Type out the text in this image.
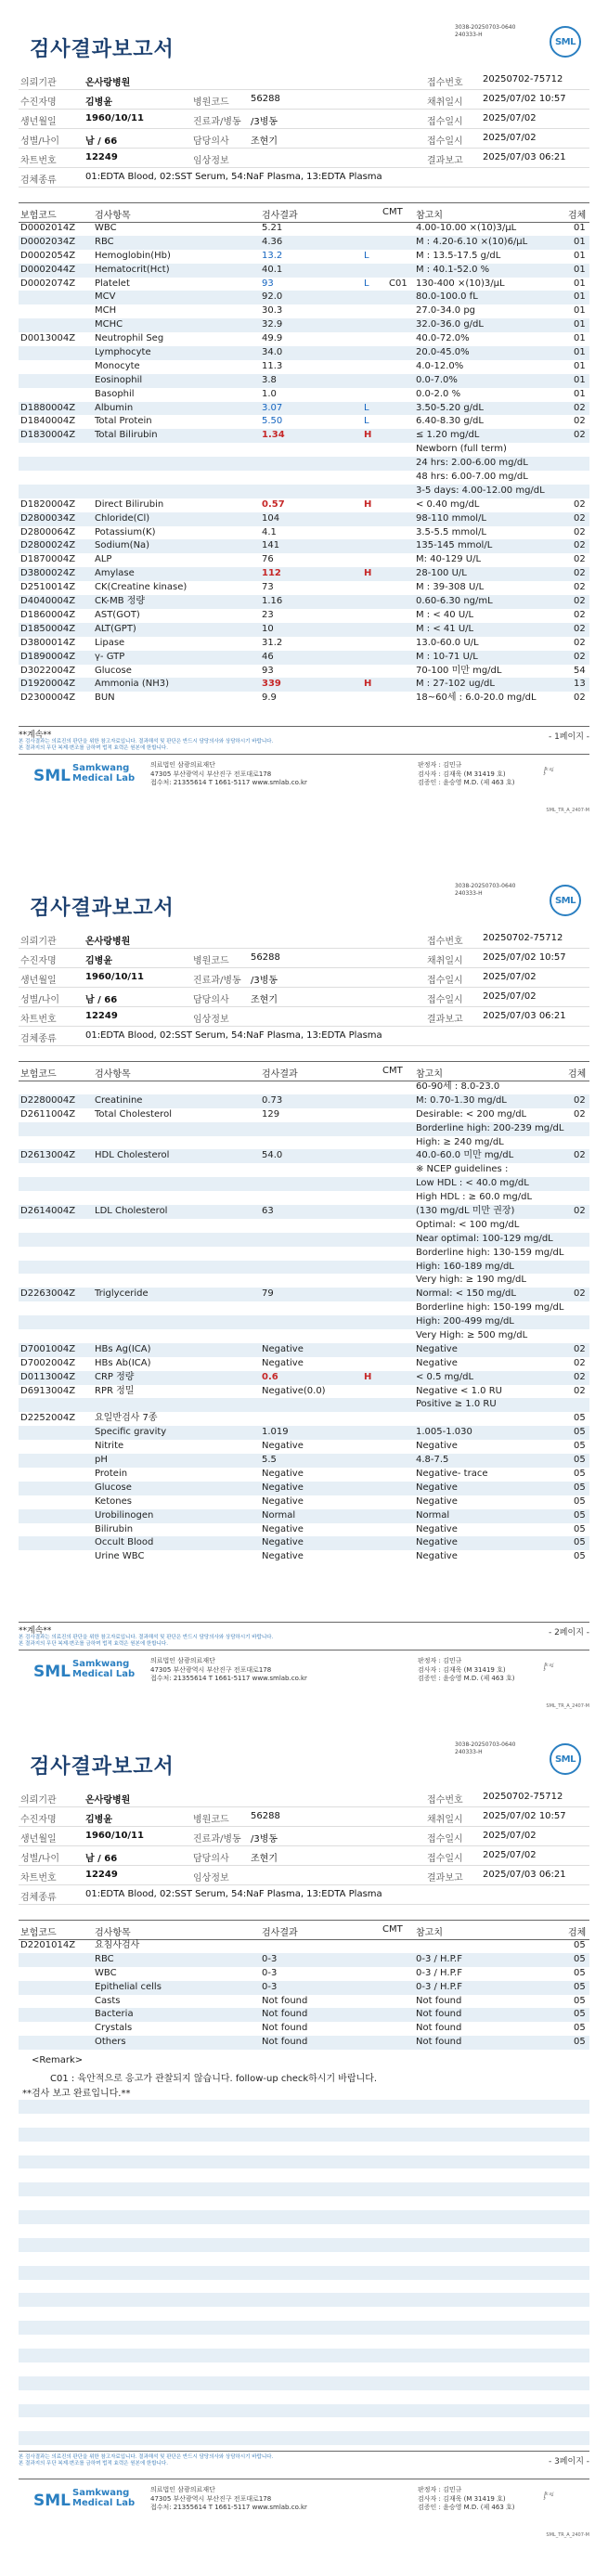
3038-20250703-0640
240333-H
SML
검사결과보고서
의뢰기관	온사랑병원	접수번호 20250702-75712
수진자명	김병윤	병원코드 56288	채취일시 2025/07/02 10:57
생년월일	1960/10/11	진료과/병동 /3병동	접수일시 2025/07/02
성별/나이	남 / 66	담당의사 조현기	접수일시 2025/07/02
차트번호	12249	임상정보	결과보고 2025/07/03 06:21
검체종류	01:EDTA Blood, 02:SST Serum, 54:NaF Plasma, 13:EDTA Plasma
보험코드	검사항목	검사결과	CMT 참고치	검체
D0002014Z WBC	5.21	4.00-10.00 ×(10)3/μL	01
D0002034Z RBC	4.36	M : 4.20-6.10 ×(10)6/μL	01
D0002054Z Hemoglobin(Hb)	13.2	L	M : 13.5-17.5 g/dL	01
D0002044Z Hematocrit(Hct)	40.1	M : 40.1-52.0 %	01
D0002074Z Platelet	93	L C01 130-400 ×(10)3/μL	01
MCV	92.0	80.0-100.0 fL	01
MCH	30.3	27.0-34.0 pg	01
MCHC	32.9	32.0-36.0 g/dL	01
D0013004Z Neutrophil Seg	49.9	40.0-72.0%	01
Lymphocyte	34.0	20.0-45.0%	01
Monocyte	11.3	4.0-12.0%	01
Eosinophil	3.8	0.0-7.0%	01
Basophil	1.0	0.0-2.0 %	01
D1880004Z Albumin	3.07	L	3.50-5.20 g/dL	02
D1840004Z Total Protein	5.50	L	6.40-8.30 g/dL	02
D1830004Z Total Bilirubin	1.34	H	≤ 1.20 mg/dL	02
Newborn (full term)
24 hrs: 2.00-6.00 mg/dL
48 hrs: 6.00-7.00 mg/dL
3-5 days: 4.00-12.00 mg/dL
D1820004Z Direct Bilirubin	0.57	H	< 0.40 mg/dL	02
D2800034Z Chloride(Cl)	104	98-110 mmol/L	02
D2800064Z Potassium(K)	4.1	3.5-5.5 mmol/L	02
D2800024Z Sodium(Na)	141	135-145 mmol/L	02
D1870004Z ALP	76	M: 40-129 U/L	02
D3800024Z Amylase	112	H	28-100 U/L	02
D2510014Z CK(Creatine kinase)	73	M : 39-308 U/L	02
D4040004Z CK-MB 정량	1.16	0.60-6.30 ng/mL	02
D1860004Z AST(GOT)	23	M : < 40 U/L	02
D1850004Z ALT(GPT)	10	M : < 41 U/L	02
D3800014Z Lipase	31.2	13.0-60.0 U/L	02
D1890004Z γ- GTP	46	M : 10-71 U/L	02
D3022004Z Glucose	93	70-100 미만 mg/dL	54
D1920004Z Ammonia (NH3)	339	H	M : 27-102 ug/dL	13
D2300004Z BUN	9.9	18~60세 : 6.0-20.0 mg/dL	02
**계속**
본 검사결과는 의료진의 판단을 위한 참고자료입니다. 결과해석 및 판단은 반드시 담당의사와 상담하시기 바랍니다.
본 결과지의 무단 복제·변조를 금하며 법적 효력은 원본에 한합니다.
- 1페이지 -
SML Samkwang
Medical Lab
의료법인 삼광의료재단
47305 부산광역시 부산진구 전포대로178
접수처: 21355614 T 1661-5117 www.smlab.co.kr
판정자 : 김민규
검사자 : 김재욱 (M 31419 호)
검증인 : 윤승영 M.D. (제 463 호)
ᶅᵏᵃᶨ
SML_TR_A_2407-M
3038-20250703-0640
240333-H
SML
검사결과보고서
의뢰기관	온사랑병원	접수번호 20250702-75712
수진자명	김병윤	병원코드 56288	채취일시 2025/07/02 10:57
생년월일	1960/10/11	진료과/병동 /3병동	접수일시 2025/07/02
성별/나이	남 / 66	담당의사 조현기	접수일시 2025/07/02
차트번호	12249	임상정보	결과보고 2025/07/03 06:21
검체종류	01:EDTA Blood, 02:SST Serum, 54:NaF Plasma, 13:EDTA Plasma
보험코드	검사항목	검사결과	CMT 참고치	검체
60-90세 : 8.0-23.0
D2280004Z Creatinine	0.73	M: 0.70-1.30 mg/dL	02
D2611004Z Total Cholesterol	129	Desirable: < 200 mg/dL	02
Borderline high: 200-239 mg/dL
High: ≥ 240 mg/dL
D2613004Z HDL Cholesterol	54.0	40.0-60.0 미만 mg/dL	02
※ NCEP guidelines :
Low HDL : < 40.0 mg/dL
High HDL : ≥ 60.0 mg/dL
D2614004Z LDL Cholesterol	63	(130 mg/dL 미만 권장)	02
Optimal: < 100 mg/dL
Near optimal: 100-129 mg/dL
Borderline high: 130-159 mg/dL
High: 160-189 mg/dL
Very high: ≥ 190 mg/dL
D2263004Z Triglyceride	79	Normal: < 150 mg/dL	02
Borderline high: 150-199 mg/dL
High: 200-499 mg/dL
Very High: ≥ 500 mg/dL
D7001004Z HBs Ag(ICA)	Negative	Negative	02
D7002004Z HBs Ab(ICA)	Negative	Negative	02
D0113004Z CRP 정량	0.6	H	< 0.5 mg/dL	02
D6913004Z RPR 정밀	Negative(0.0)	Negative < 1.0 RU	02
Positive ≥ 1.0 RU
D2252004Z 요일반검사 7종	05
Specific gravity	1.019	1.005-1.030	05
Nitrite	Negative	Negative	05
pH	5.5	4.8-7.5	05
Protein	Negative	Negative- trace	05
Glucose	Negative	Negative	05
Ketones	Negative	Negative	05
Urobilinogen	Normal	Normal	05
Bilirubin	Negative	Negative	05
Occult Blood	Negative	Negative	05
Urine WBC	Negative	Negative	05
**계속**
본 검사결과는 의료진의 판단을 위한 참고자료입니다. 결과해석 및 판단은 반드시 담당의사와 상담하시기 바랍니다.
본 결과지의 무단 복제·변조를 금하며 법적 효력은 원본에 한합니다.
- 2페이지 -
SML Samkwang
Medical Lab
의료법인 삼광의료재단
47305 부산광역시 부산진구 전포대로178
접수처: 21355614 T 1661-5117 www.smlab.co.kr
판정자 : 김민규
검사자 : 김재욱 (M 31419 호)
검증인 : 윤승영 M.D. (제 463 호)
ᶅᵏᵃᶨ
SML_TR_A_2407-M
3038-20250703-0640
240333-H
SML
검사결과보고서
의뢰기관	온사랑병원	접수번호 20250702-75712
수진자명	김병윤	병원코드 56288	채취일시 2025/07/02 10:57
생년월일	1960/10/11	진료과/병동 /3병동	접수일시 2025/07/02
성별/나이	남 / 66	담당의사 조현기	접수일시 2025/07/02
차트번호	12249	임상정보	결과보고 2025/07/03 06:21
검체종류	01:EDTA Blood, 02:SST Serum, 54:NaF Plasma, 13:EDTA Plasma
보험코드	검사항목	검사결과	CMT 참고치	검체
D2201014Z 요침사검사	05
RBC	0-3	0-3 / H.P.F	05
WBC	0-3	0-3 / H.P.F	05
Epithelial cells	0-3	0-3 / H.P.F	05
Casts	Not found	Not found	05
Bacteria	Not found	Not found	05
Crystals	Not found	Not found	05
Others	Not found	Not found	05
<Remark>
C01 : 육안적으로 응고가 관찰되지 않습니다. follow-up check하시기 바랍니다.
**검사 보고 완료입니다.**
본 검사결과는 의료진의 판단을 위한 참고자료입니다. 결과해석 및 판단은 반드시 담당의사와 상담하시기 바랍니다.
본 결과지의 무단 복제·변조를 금하며 법적 효력은 원본에 한합니다.	- 3페이지 -
SML Samkwang
Medical Lab
의료법인 삼광의료재단
47305 부산광역시 부산진구 전포대로178
접수처: 21355614 T 1661-5117 www.smlab.co.kr
판정자 : 김민규
검사자 : 김재욱 (M 31419 호)
검증인 : 윤승영 M.D. (제 463 호)
ᶅᵏᵃᶨ
SML_TR_A_2407-M
